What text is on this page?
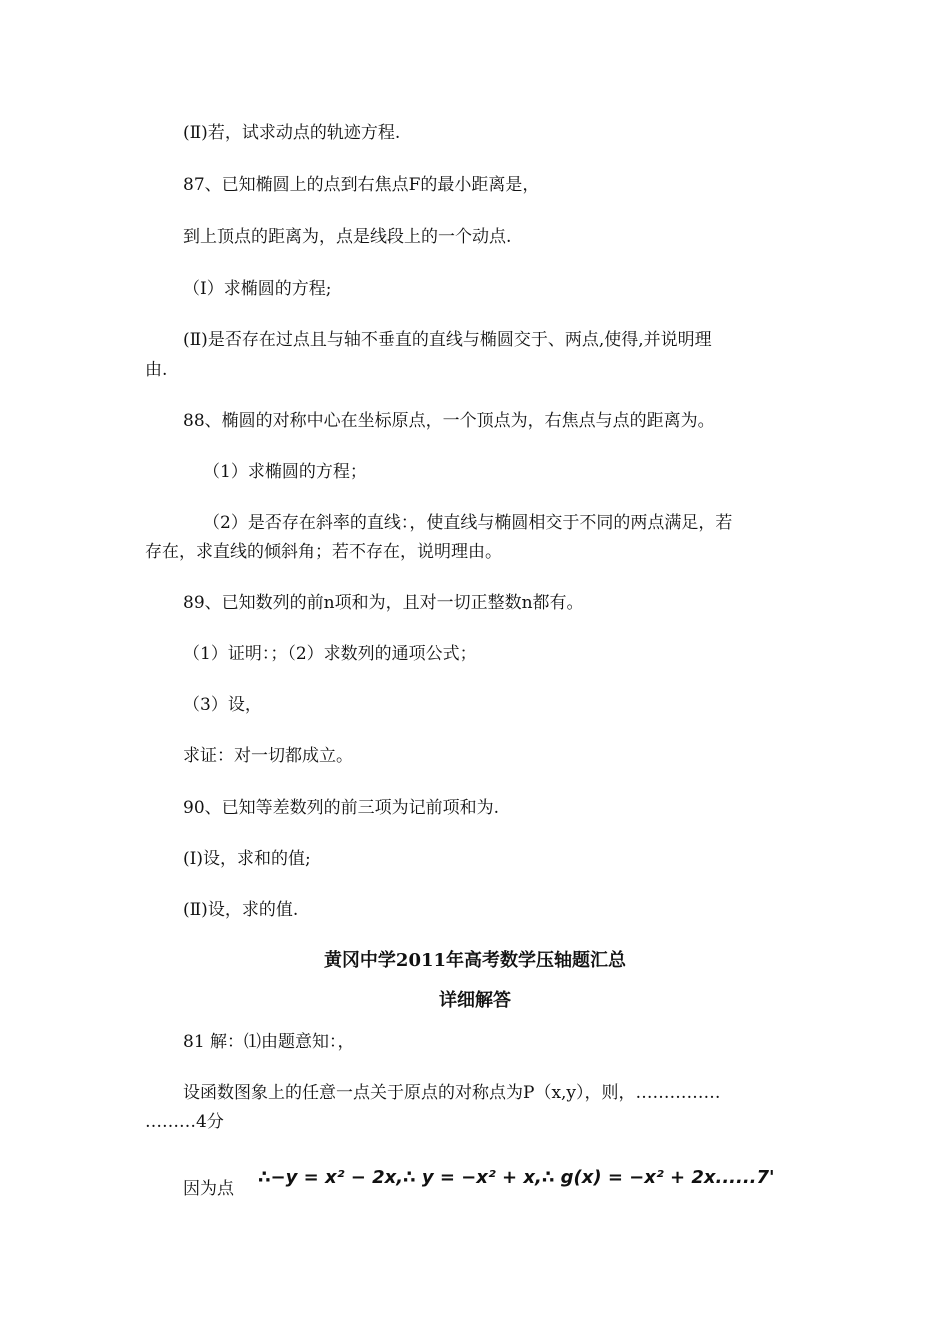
(Ⅱ)若，试求动点的轨迹方程.
87、已知椭圆上的点到右焦点F的最小距离是，
到上顶点的距离为，点是线段上的一个动点.
（I）求椭圆的方程;
(Ⅱ)是否存在过点且与轴不垂直的直线与椭圆交于、两点,使得,并说明理
由.
88、椭圆的对称中心在坐标原点，一个顶点为，右焦点与点的距离为。
（1）求椭圆的方程；
（2）是否存在斜率的直线：，使直线与椭圆相交于不同的两点满足，若
存在，求直线的倾斜角；若不存在，说明理由。
89、已知数列的前n项和为，且对一切正整数n都有。
（1）证明：；（2）求数列的通项公式；
（3）设，
求证：对一切都成立。
90、已知等差数列的前三项为记前项和为.
(Ⅰ)设，求和的值;
(Ⅱ)设，求的值.
黄冈中学2011年高考数学压轴题汇总
详细解答
81 解：⑴由题意知：，
设函数图象上的任意一点关于原点的对称点为P（x,y），则，……………
………4分
因为点
∴−y = x² − 2x,∴ y = −x² + x,∴ g(x) = −x² + 2x......7'
